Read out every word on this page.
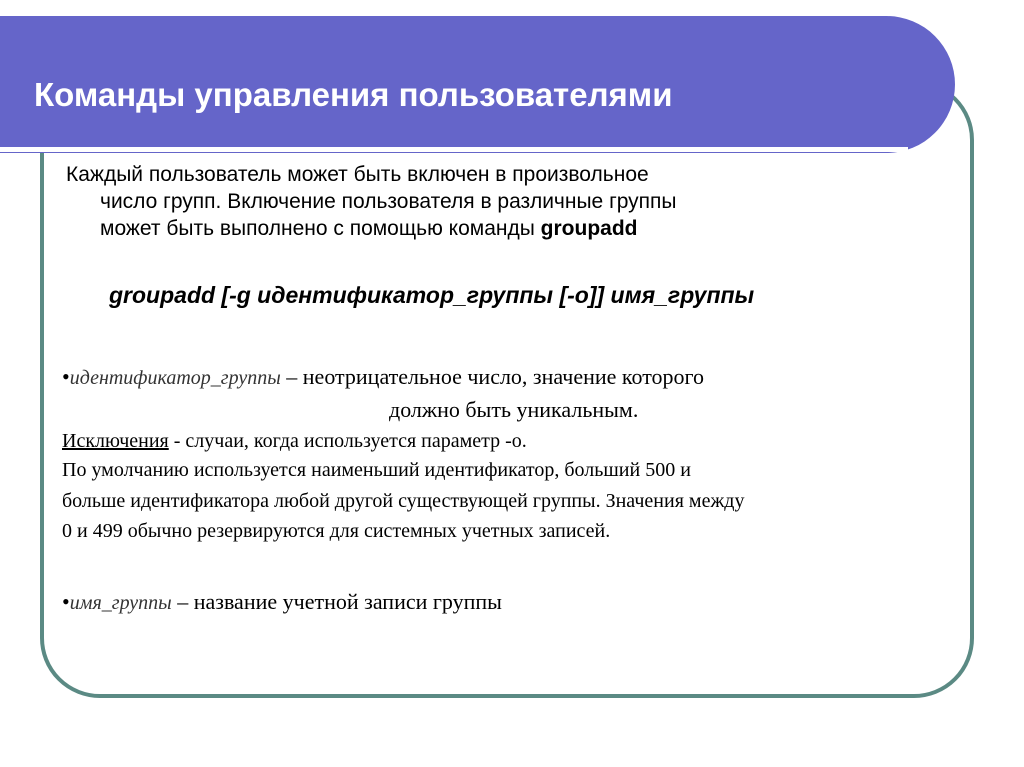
Команды управления пользователями
Каждый пользователь может быть включен в произвольное
число групп. Включение пользователя в различные группы
может быть выполнено с помощью команды groupadd
groupadd [-g идентификатор_группы [-o]] имя_группы
•идентификатор_группы – неотрицательное число, значение которого
должно быть уникальным.
Исключения - случаи, когда используется параметр -о.
По умолчанию используется наименьший идентификатор, больший 500 и
больше идентификатора любой другой существующей группы. Значения между
0 и 499 обычно резервируются для системных учетных записей.
•имя_группы – название учетной записи группы
